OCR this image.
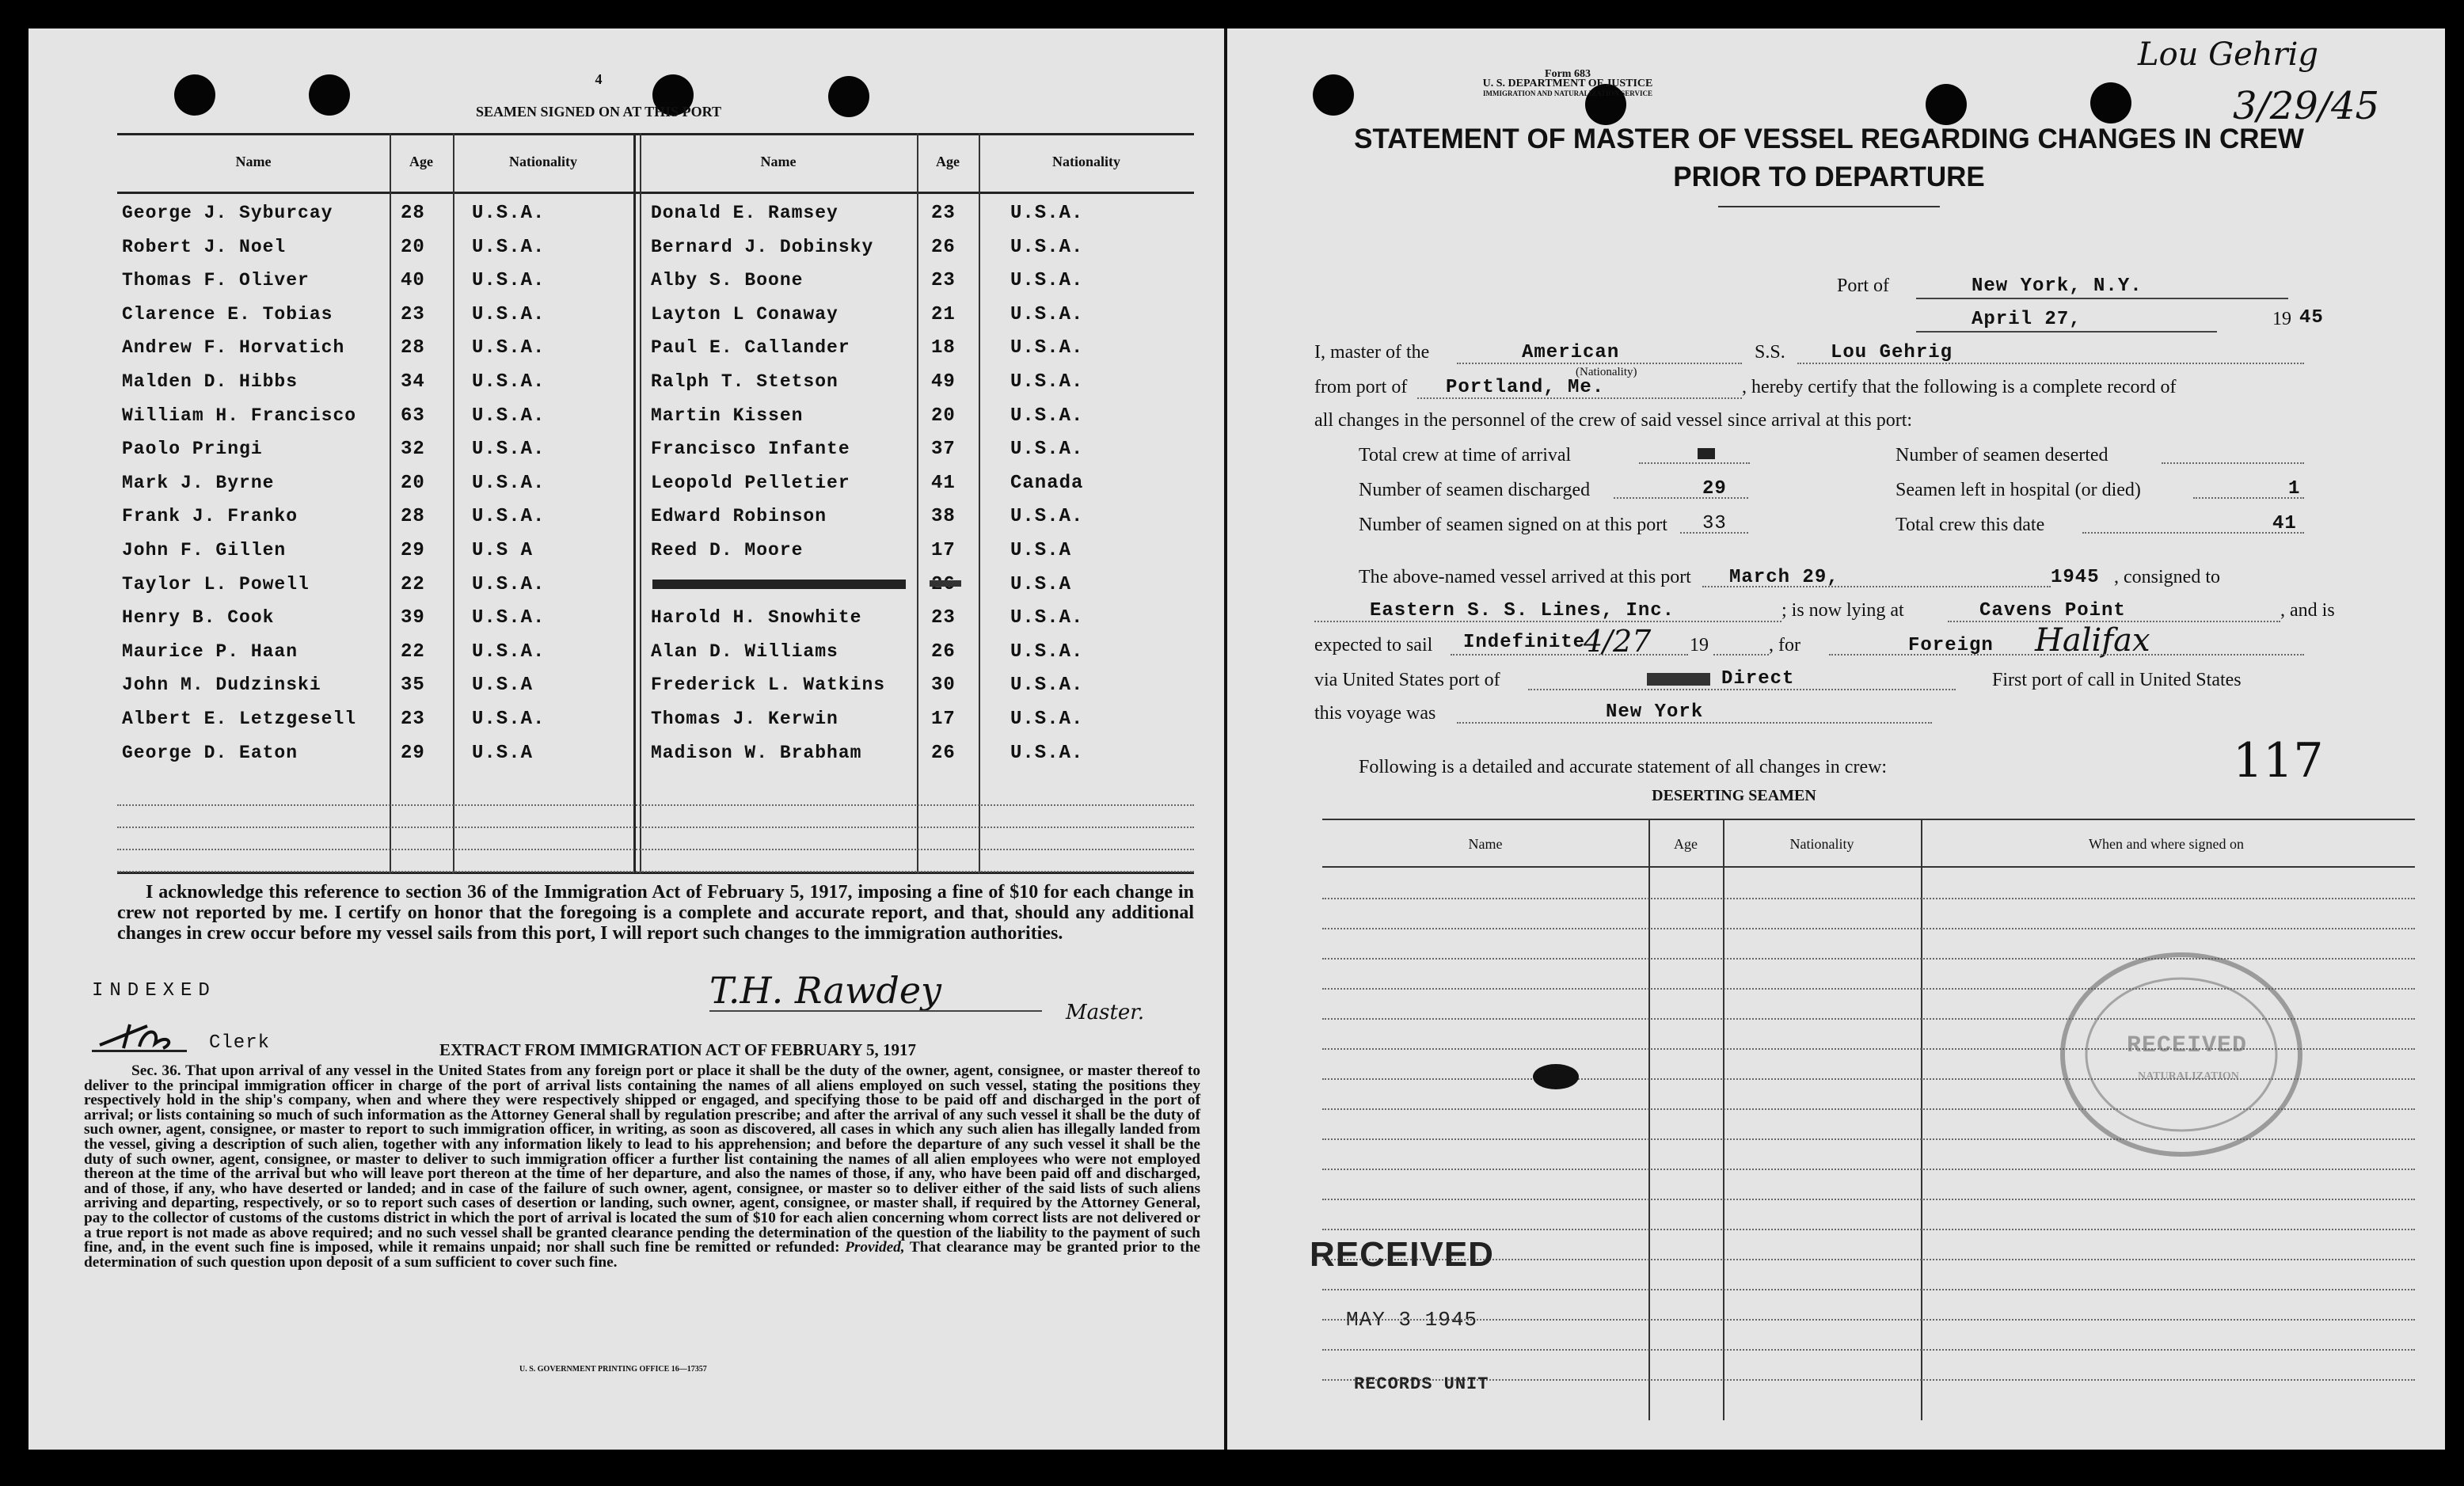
4
SEAMEN SIGNED ON AT THIS PORT
Name	Age	Nationality	Name	Age	Nationality
George J. Syburcay	28 U.S.A.	Donald E. Ramsey	23	U.S.A.
Robert J. Noel	20 U.S.A.	Bernard J. Dobinsky	26	U.S.A.
Thomas F. Oliver	40 U.S.A.	Alby S. Boone	23	U.S.A.
Clarence E. Tobias	23 U.S.A.	Layton L Conaway	21	U.S.A.
Andrew F. Horvatich	28 U.S.A.	Paul E. Callander	18	U.S.A.
Malden D. Hibbs	34 U.S.A.	Ralph T. Stetson	49	U.S.A.
William H. Francisco 63 U.S.A.	Martin Kissen	20	U.S.A.
Paolo Pringi	32 U.S.A.	Francisco Infante	37	U.S.A.
Mark J. Byrne	20 U.S.A.	Leopold Pelletier	41	Canada
Frank J. Franko	28 U.S.A.	Edward Robinson	38	U.S.A.
John F. Gillen	29 U.S A	Reed D. Moore	17	U.S.A
Taylor L. Powell	22 U.S.A.	U.S.A
Henry B. Cook	39 U.S.A.	Harold H. Snowhite	23	U.S.A.
Maurice P. Haan	22 U.S.A.	Alan D. Williams	26	U.S.A.
John M. Dudzinski	35 U.S.A	Frederick L. Watkins 30	U.S.A.
Albert E. Letzgesell 23 U.S.A.	Thomas J. Kerwin	17	U.S.A.
George D. Eaton	29 U.S.A	Madison W. Brabham	26	U.S.A.
I acknowledge this reference to section 36 of the Immigration Act of February 5, 1917, imposing a fine of $10 for each change in crew not reported by me. I certify on honor that the foregoing is a complete and accurate report, and that, should any additional changes in crew occur before my vessel sails from this port, I will report such changes to the immigration authorities.
INDEXED	T.H. Rawdey
Master.
Clerk	EXTRACT FROM IMMIGRATION ACT OF FEBRUARY 5, 1917
Sec. 36. That upon arrival of any vessel in the United States from any foreign port or place it shall be the duty of the owner, agent, consignee, or master thereof to deliver to the principal immigration officer in charge of the port of arrival lists containing the names of all aliens employed on such vessel, stating the positions they respectively hold in the ship's company, when and where they were respectively shipped or engaged, and specifying those to be paid off and discharged in the port of arrival; or lists containing so much of such information as the Attorney General shall by regulation prescribe; and after the arrival of any such vessel it shall be the duty of such owner, agent, consignee, or master to report to such immigration officer, in writing, as soon as discovered, all cases in which any such alien has illegally landed from the vessel, giving a description of such alien, together with any information likely to lead to his apprehension; and before the departure of any such vessel it shall be the duty of such owner, agent, consignee, or master to deliver to such immigration officer a further list containing the names of all alien employees who were not employed thereon at the time of the arrival but who will leave port thereon at the time of her departure, and also the names of those, if any, who have been paid off and discharged, and of those, if any, who have deserted or landed; and in case of the failure of such owner, agent, consignee, or master so to deliver either of the said lists of such aliens arriving and departing, respectively, or so to report such cases of desertion or landing, such owner, agent, consignee, or master shall, if required by the Attorney General, pay to the collector of customs of the customs district in which the port of arrival is located the sum of $10 for each alien concerning whom correct lists are not delivered or a true report is not made as above required; and no such vessel shall be granted clearance pending the determination of the question of the liability to the payment of such fine, and, in the event such fine is imposed, while it remains unpaid; nor shall such fine be remitted or refunded: Provided, That clearance may be granted prior to the determination of such question upon deposit of a sum sufficient to cover such fine.
U. S. GOVERNMENT PRINTING OFFICE 16—17357
Lou Gehrig
3/29/45
Form 683
U. S. DEPARTMENT OF JUSTICE
IMMIGRATION AND NATURALIZATION SERVICE
STATEMENT OF MASTER OF VESSEL REGARDING CHANGES IN CREW
PRIOR TO DEPARTURE
Port of	New York, N.Y.
April 27,	19 45
I, master of the	American
(Nationality)
S.S. Lou Gehrig
from port of Portland, Me.	, hereby certify that the following is a complete record of
all changes in the personnel of the crew of said vessel since arrival at this port:
Total crew at time of arrival	Number of seamen deserted
Number of seamen discharged	29	Seamen left in hospital (or died)	1
Number of seamen signed on at this port 33	Total crew this date	41
The above-named vessel arrived at this port March 29,	1945 , consigned to
Eastern S. S. Lines, Inc.	; is now lying at	Cavens Point	, and is
expected to sail Indefinite
4/27 19	, for	Foreign Halifax
via United States port of	Direct	First port of call in United States
this voyage was	New York
Following is a detailed and accurate statement of all changes in crew:	117
DESERTING SEAMEN
Name	Age	Nationality	When and where signed on
RECEIVED
NATURALIZATION
RECEIVED
MAY 3 1945
RECORDS UNIT
